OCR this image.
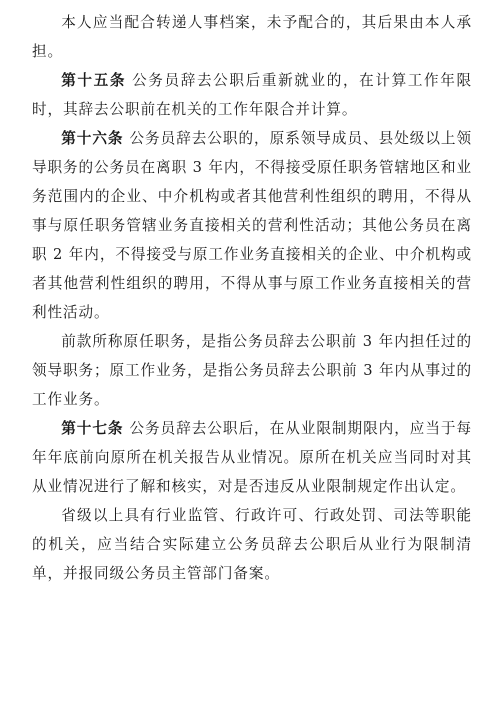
本人应当配合转递人事档案，未予配合的，其后果由本人承担。

第十五条 公务员辞去公职后重新就业的，在计算工作年限时，其辞去公职前在机关的工作年限合并计算。

第十六条 公务员辞去公职的，原系领导成员、县处级以上领导职务的公务员在离职 3 年内，不得接受原任职务管辖地区和业务范围内的企业、中介机构或者其他营利性组织的聘用，不得从事与原任职务管辖业务直接相关的营利性活动；其他公务员在离职 2 年内，不得接受与原工作业务直接相关的企业、中介机构或者其他营利性组织的聘用，不得从事与原工作业务直接相关的营利性活动。

前款所称原任职务，是指公务员辞去公职前 3 年内担任过的领导职务；原工作业务，是指公务员辞去公职前 3 年内从事过的工作业务。

第十七条 公务员辞去公职后，在从业限制期限内，应当于每年年底前向原所在机关报告从业情况。原所在机关应当同时对其从业情况进行了解和核实，对是否违反从业限制规定作出认定。

省级以上具有行业监管、行政许可、行政处罚、司法等职能的机关，应当结合实际建立公务员辞去公职后从业行为限制清单，并报同级公务员主管部门备案。
